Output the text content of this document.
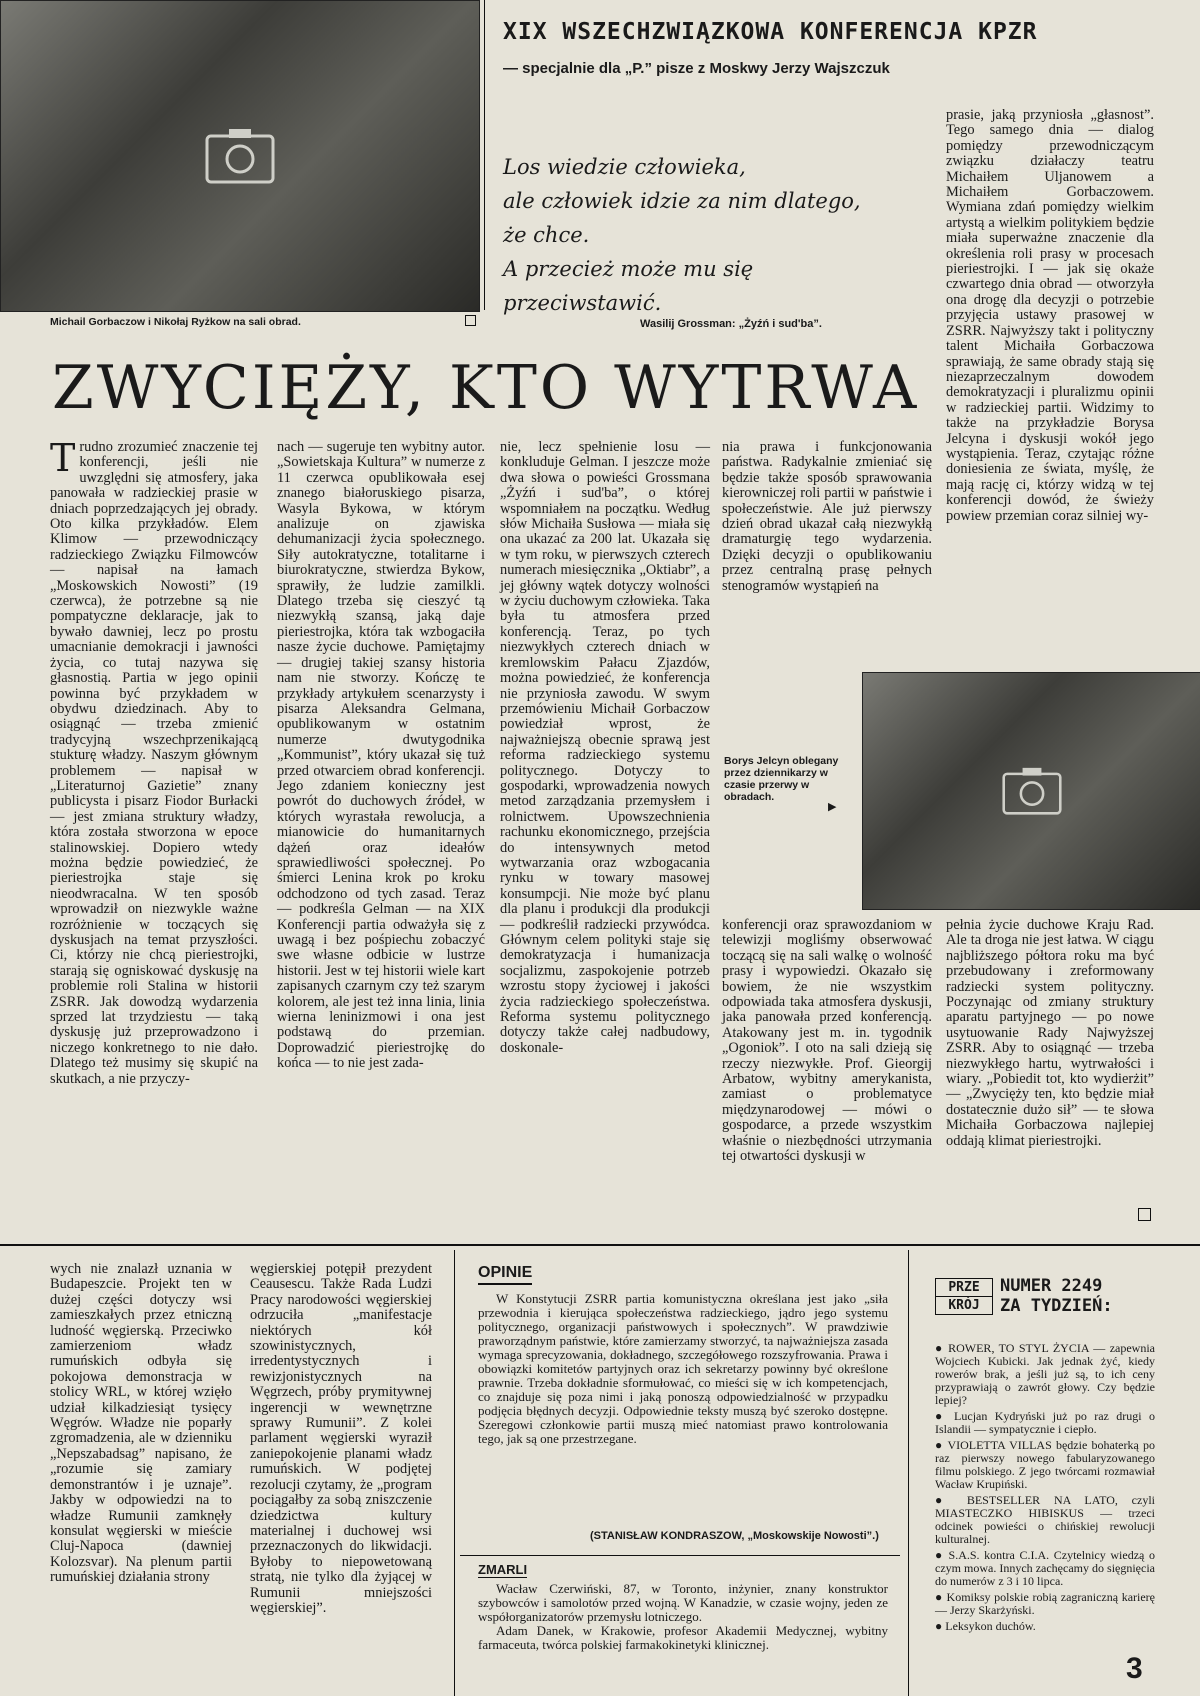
Michail Gorbaczow i Nikołaj Ryżkow na sali obrad.
XIX WSZECHZWIĄZKOWA KONFERENCJA KPZR
— specjalnie dla „P.” pisze z Moskwy Jerzy Wajszczuk
Los wiedzie człowieka,
ale człowiek idzie za nim dlatego,
że chce.
A przecież może mu się
przeciwstawić.
Wasilij Grossman: „Żyźń i sud'ba”.

prasie, jaką przyniosła „głasnost”. Tego samego dnia — dialog pomiędzy przewodniczącym związku działaczy teatru Michaiłem Uljanowem a Michaiłem Gorbaczowem. Wymiana zdań pomiędzy wielkim artystą a wielkim politykiem będzie miała superważne znaczenie dla określenia roli prasy w procesach pieriestrojki. I — jak się okaże czwartego dnia obrad — otworzyła ona drogę dla decyzji o potrzebie przyjęcia ustawy prasowej w ZSRR. Najwyższy takt i polityczny talent Michaiła Gorbaczowa sprawiają, że same obrady stają się niezaprzeczalnym dowodem demokratyzacji i pluralizmu opinii w radzieckiej partii. Widzimy to także na przykładzie Borysa Jelcyna i dyskusji wokół jego wystąpienia. Teraz, czytając różne doniesienia ze świata, myślę, że mają rację ci, którzy widzą w tej konferencji dowód, że świeży powiew przemian coraz silniej wy-

ZWYCIĘŻY, KTO WYTRWA
Trudno zrozumieć znaczenie tej konferencji, jeśli nie uwzględni się atmosfery, jaka panowała w radzieckiej prasie w dniach poprzedzających jej obrady. Oto kilka przykładów. Elem Klimow — przewodniczący radzieckiego Związku Filmowców — napisał na łamach „Moskowskich Nowosti” (19 czerwca), że potrzebne są nie pompatyczne deklaracje, jak to bywało dawniej, lecz po prostu umacnianie demokracji i jawności życia, co tutaj nazywa się głasnostią. Partia w jego opinii powinna być przykładem w obydwu dziedzinach. Aby to osiągnąć — trzeba zmienić tradycyjną wszechprzenikającą stukturę władzy. Naszym głównym problemem — napisał w „Literaturnoj Gazietie” znany publicysta i pisarz Fiodor Burłacki — jest zmiana struktury władzy, która została stworzona w epoce stalinowskiej. Dopiero wtedy można będzie powiedzieć, że pieriestrojka staje się nieodwracalna. W ten sposób wprowadził on niezwykle ważne rozróżnienie w toczących się dyskusjach na temat przyszłości. Ci, którzy nie chcą pieriestrojki, starają się ogniskować dyskusję na problemie roli Stalina w historii ZSRR. Jak dowodzą wydarzenia sprzed lat trzydziestu — taką dyskusję już przeprowadzono i niczego konkretnego to nie dało. Dlatego też musimy się skupić na skutkach, a nie przyczy-

nach — sugeruje ten wybitny autor. „Sowietskaja Kultura” w numerze z 11 czerwca opublikowała esej znanego białoruskiego pisarza, Wasyla Bykowa, w którym analizuje on zjawiska dehumanizacji życia społecznego. Siły autokratyczne, totalitarne i biurokratyczne, stwierdza Bykow, sprawiły, że ludzie zamilkli. Dlatego trzeba się cieszyć tą niezwykłą szansą, jaką daje pieriestrojka, która tak wzbogaciła nasze życie duchowe. Pamiętajmy — drugiej takiej szansy historia nam nie stworzy. Kończę te przykłady artykułem scenarzysty i pisarza Aleksandra Gelmana, opublikowanym w ostatnim numerze dwutygodnika „Kommunist”, który ukazał się tuż przed otwarciem obrad konferencji. Jego zdaniem konieczny jest powrót do duchowych źródeł, w których wyrastała rewolucja, a mianowicie do humanitarnych dążeń oraz ideałów sprawiedliwości społecznej. Po śmierci Lenina krok po kroku odchodzono od tych zasad. Teraz — podkreśla Gelman — na XIX Konferencji partia odważyła się z uwagą i bez pośpiechu zobaczyć swe własne odbicie w lustrze historii. Jest w tej historii wiele kart zapisanych czarnym czy też szarym kolorem, ale jest też inna linia, linia wierna leninizmowi i ona jest podstawą do przemian. Doprowadzić pieriestrojkę do końca — to nie jest zada-

nie, lecz spełnienie losu — konkluduje Gelman. I jeszcze może dwa słowa o powieści Grossmana „Żyźń i sud'ba”, o której wspomniałem na początku. Według słów Michaiła Susłowa — miała się ona ukazać za 200 lat. Ukazała się w tym roku, w pierwszych czterech numerach miesięcznika „Oktiabr”, a jej główny wątek dotyczy wolności w życiu duchowym człowieka. Taka była tu atmosfera przed konferencją. Teraz, po tych niezwykłych czterech dniach w kremlowskim Pałacu Zjazdów, można powiedzieć, że konferencja nie przyniosła zawodu. W swym przemówieniu Michaił Gorbaczow powiedział wprost, że najważniejszą obecnie sprawą jest reforma radzieckiego systemu politycznego. Dotyczy to gospodarki, wprowadzenia nowych metod zarządzania przemysłem i rolnictwem. Upowszechnienia rachunku ekonomicznego, przejścia do intensywnych metod wytwarzania oraz wzbogacania rynku w towary masowej konsumpcji. Nie może być planu dla planu i produkcji dla produkcji — podkreślił radziecki przywódca. Głównym celem polityki staje się demokratyzacja i humanizacja socjalizmu, zaspokojenie potrzeb wzrostu stopy życiowej i jakości życia radzieckiego społeczeństwa. Reforma systemu politycznego dotyczy także całej nadbudowy, doskonale-

nia prawa i funkcjonowania państwa. Radykalnie zmieniać się będzie także sposób sprawowania kierowniczej roli partii w państwie i społeczeństwie. Ale już pierwszy dzień obrad ukazał całą niezwykłą dramaturgię tego wydarzenia. Dzięki decyzji o opublikowaniu przez centralną prasę pełnych stenogramów wystąpień na

Borys Jelcyn oblegany przez dziennikarzy w czasie przerwy w obradach.
▶

konferencji oraz sprawozdaniom w telewizji mogliśmy obserwować toczącą się na sali walkę o wolność prasy i wypowiedzi. Okazało się bowiem, że nie wszystkim odpowiada taka atmosfera dyskusji, jaka panowała przed konferencją. Atakowany jest m. in. tygodnik „Ogoniok”. I oto na sali dzieją się rzeczy niezwykłe. Prof. Gieorgij Arbatow, wybitny amerykanista, zamiast o problematyce międzynarodowej — mówi o gospodarce, a przede wszystkim właśnie o niezbędności utrzymania tej otwartości dyskusji w

pełnia życie duchowe Kraju Rad. Ale ta droga nie jest łatwa. W ciągu najbliższego półtora roku ma być przebudowany i zreformowany radziecki system polityczny. Poczynając od zmiany struktury aparatu partyjnego — po nowe usytuowanie Rady Najwyższej ZSRR. Aby to osiągnąć — trzeba niezwykłego hartu, wytrwałości i wiary. „Pobiedit tot, kto wydierżit” — „Zwycięży ten, kto będzie miał dostatecznie dużo sił” — te słowa Michaiła Gorbaczowa najlepiej oddają klimat pieriestrojki.

wych nie znalazł uznania w Budapeszcie. Projekt ten w dużej części dotyczy wsi zamieszkałych przez etniczną ludność węgierską. Przeciwko zamierzeniom władz rumuńskich odbyła się pokojowa demonstracja w stolicy WRL, w której wzięło udział kilkadziesiąt tysięcy Węgrów. Władze nie poparły zgromadzenia, ale w dzienniku „Nepszabadsag” napisano, że „rozumie się zamiary demonstrantów i je uznaje”. Jakby w odpowiedzi na to władze Rumunii zamknęły konsulat węgierski w mieście Cluj-Napoca (dawniej Kolozsvar). Na plenum partii rumuńskiej działania strony

węgierskiej potępił prezydent Ceausescu. Także Rada Ludzi Pracy narodowości węgierskiej odrzuciła „manifestacje niektórych kół szowinistycznych, irredentystycznych i rewizjonistycznych na Węgrzech, próby prymitywnej ingerencji w wewnętrzne sprawy Rumunii”. Z kolei parlament węgierski wyraził zaniepokojenie planami władz rumuńskich. W podjętej rezolucji czytamy, że „program pociągałby za sobą zniszczenie dziedzictwa kultury materialnej i duchowej wsi przeznaczonych do likwidacji. Byłoby to niepowetowaną stratą, nie tylko dla żyjącej w Rumunii mniejszości węgierskiej”.

OPINIE

W Konstytucji ZSRR partia komunistyczna określana jest jako „siła przewodnia i kierująca społeczeństwa radzieckiego, jądro jego systemu politycznego, organizacji państwowych i społecznych”. W prawdziwie praworządnym państwie, które zamierzamy stworzyć, ta najważniejsza zasada wymaga sprecyzowania, dokładnego, szczegółowego rozszyfrowania. Prawa i obowiązki komitetów partyjnych oraz ich sekretarzy powinny być określone prawnie. Trzeba dokładnie sformułować, co mieści się w ich kompetencjach, co znajduje się poza nimi i jaką ponoszą odpowiedzialność w przypadku podjęcia błędnych decyzji. Odpowiednie teksty muszą być szeroko dostępne. Szeregowi członkowie partii muszą mieć natomiast prawo kontrolowania tego, jak są one przestrzegane.

(STANISŁAW KONDRASZOW, „Moskowskije Nowosti”.)
ZMARLI

Wacław Czerwiński, 87, w Toronto, inżynier, znany konstruktor szybowców i samolotów przed wojną. W Kanadzie, w czasie wojny, jeden ze współorganizatorów przemysłu lotniczego.

Adam Danek, w Krakowie, profesor Akademii Medycznej, wybitny farmaceuta, twórca polskiej farmakokinetyki klinicznej.

PRZE
KRÓJ
NUMER 2249
ZA TYDZIEŃ:
● ROWER, TO STYL ŻYCIA — zapewnia Wojciech Kubicki. Jak jednak żyć, kiedy rowerów brak, a jeśli już są, to ich ceny przyprawiają o zawrót głowy. Czy będzie lepiej?
● Lucjan Kydryński już po raz drugi o Islandii — sympatycznie i ciepło.
● VIOLETTA VILLAS będzie bohaterką po raz pierwszy nowego fabularyzowanego filmu polskiego. Z jego twórcami rozmawiał Wacław Krupiński.
● BESTSELLER NA LATO, czyli MIASTECZKO HIBISKUS — trzeci odcinek powieści o chińskiej rewolucji kulturalnej.
● S.A.S. kontra C.I.A. Czytelnicy wiedzą o czym mowa. Innych zachęcamy do sięgnięcia do numerów z 3 i 10 lipca.
● Komiksy polskie robią zagraniczną karierę — Jerzy Skarżyński.
● Leksykon duchów.
3
